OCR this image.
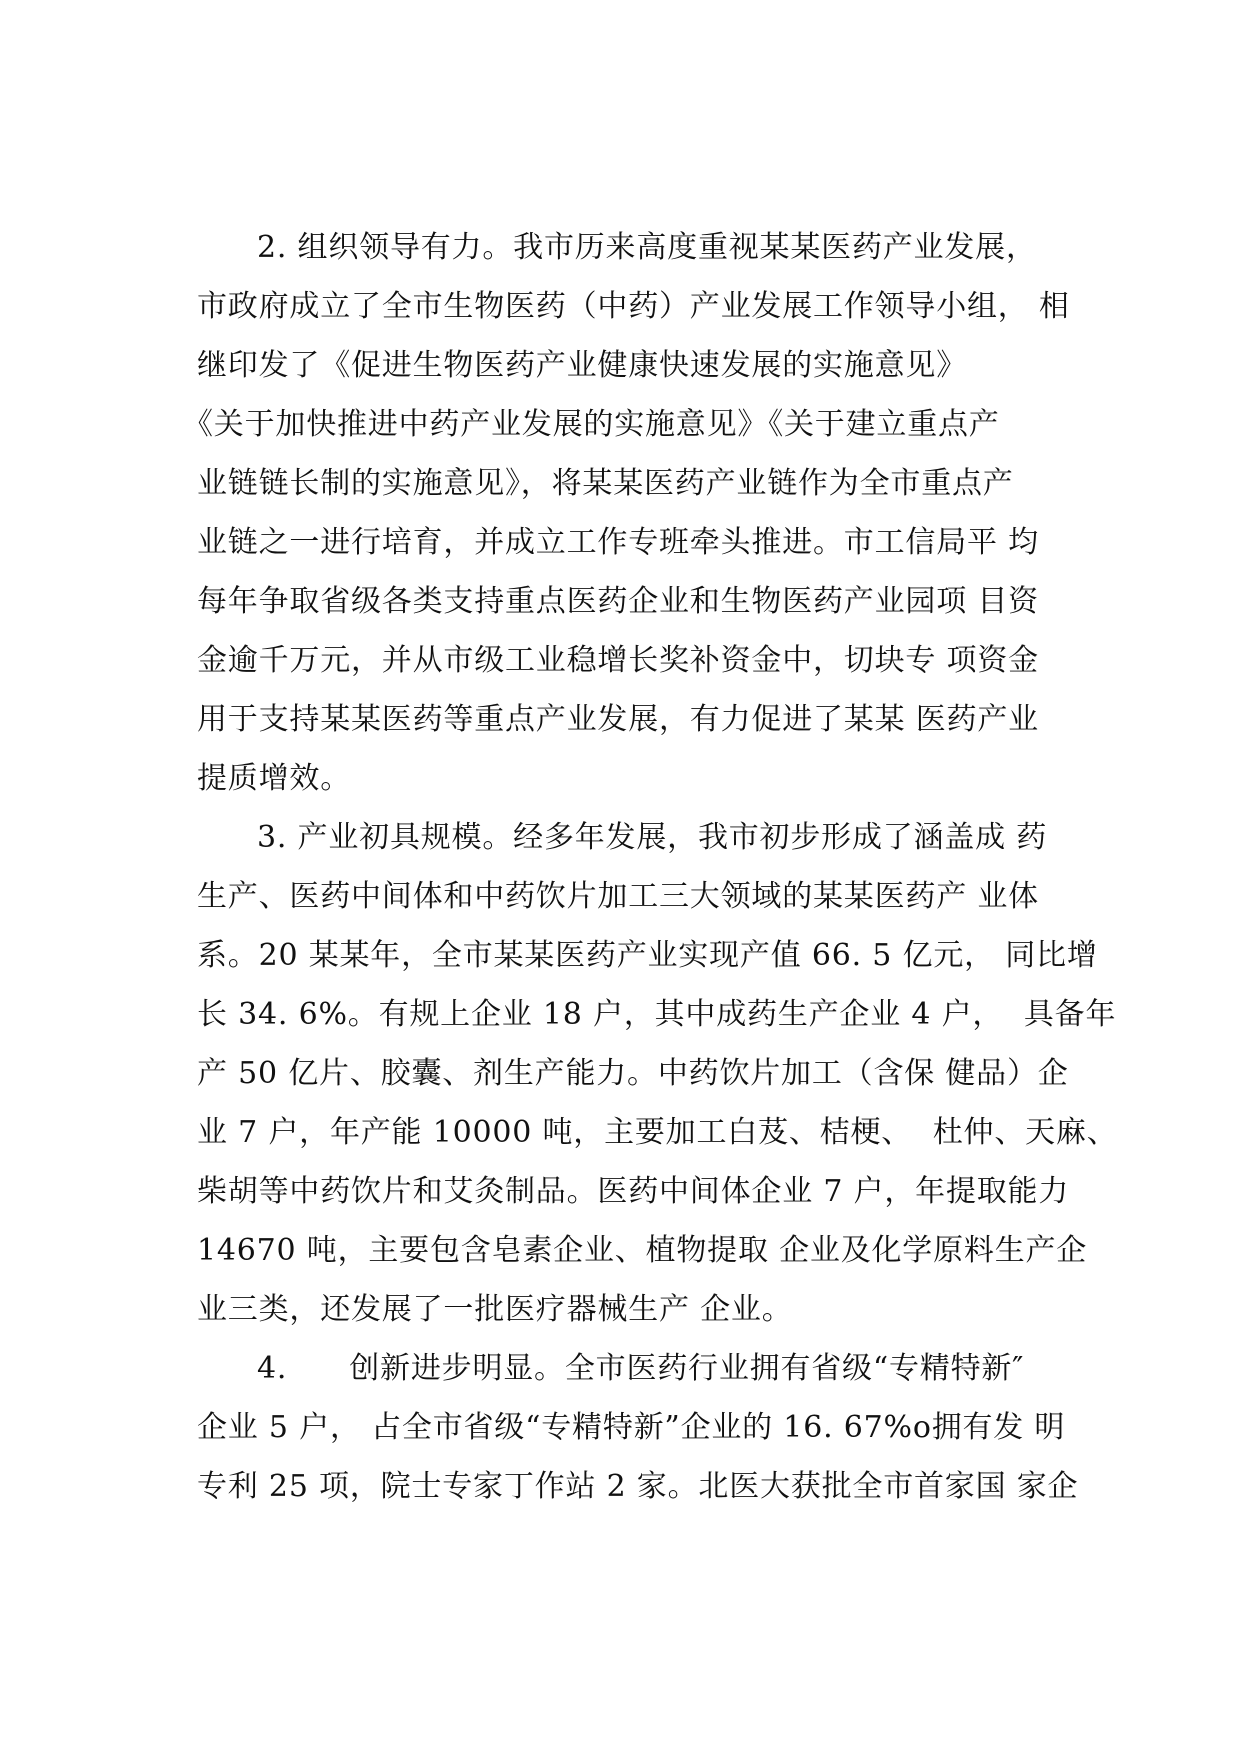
2. 组织领导有力。我市历来高度重视某某医药产业发展，
市政府成立了全市生物医药（中药）产业发展工作领导小组， 相
继印发了《促进生物医药产业健康快速发展的实施意见》
《关于加快推进中药产业发展的实施意见》《关于建立重点产
业链链长制的实施意见》，将某某医药产业链作为全市重点产
业链之一进行培育，并成立工作专班牵头推进。市工信局平 均
每年争取省级各类支持重点医药企业和生物医药产业园项 目资
金逾千万元，并从市级工业稳增长奖补资金中，切块专 项资金
用于支持某某医药等重点产业发展，有力促进了某某 医药产业
提质增效。
3. 产业初具规模。经多年发展，我市初步形成了涵盖成 药
生产、医药中间体和中药饮片加工三大领域的某某医药产 业体
系。20 某某年，全市某某医药产业实现产值 66. 5 亿元， 同比增
长 34. 6%。有规上企业 18 户，其中成药生产企业 4 户，  具备年
产 50 亿片、胶囊、剂生产能力。中药饮片加工（含保 健品）企
业 7 户，年产能 10000 吨，主要加工白芨、桔梗、  杜仲、天麻、
柴胡等中药饮片和艾灸制品。医药中间体企业 7 户，年提取能力
14670 吨，主要包含皂素企业、植物提取 企业及化学原料生产企
业三类，还发展了一批医疗器械生产 企业。
4.      创新进步明显。全市医药行业拥有省级“专精特新″
企业 5 户， 占全市省级“专精特新”企业的 16. 67%o拥有发 明
专利 25 项，院士专家丁作站 2 家。北医大获批全市首家国 家企
